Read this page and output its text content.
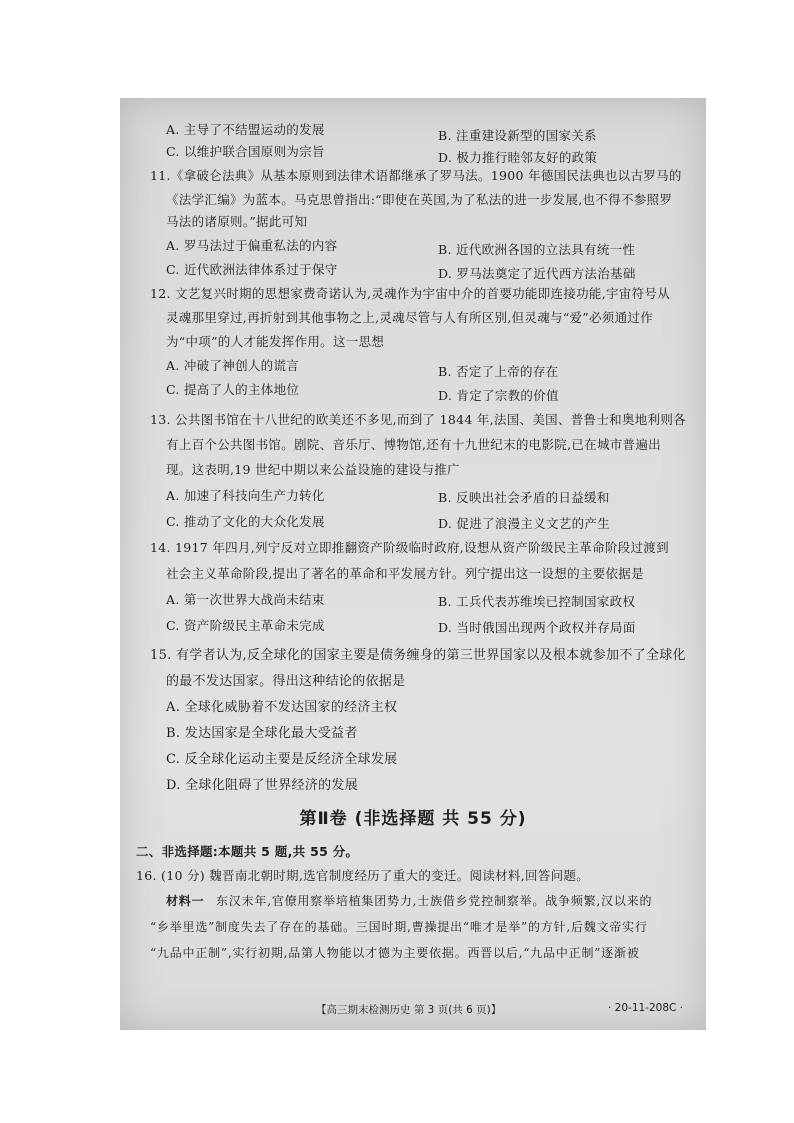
A. 主导了不结盟运动的发展	B. 注重建设新型的国家关系
C. 以维护联合国原则为宗旨	D. 极力推行睦邻友好的政策
11.《拿破仑法典》从基本原则到法律术语都继承了罗马法。1900 年德国民法典也以古罗马的
《法学汇编》为蓝本。马克思曾指出:“即使在英国,为了私法的进一步发展,也不得不参照罗
马法的诸原则。”据此可知
A. 罗马法过于偏重私法的内容	B. 近代欧洲各国的立法具有统一性
C. 近代欧洲法律体系过于保守	D. 罗马法奠定了近代西方法治基础
12. 文艺复兴时期的思想家费奇诺认为,灵魂作为宇宙中介的首要功能即连接功能,宇宙符号从
灵魂那里穿过,再折射到其他事物之上,灵魂尽管与人有所区别,但灵魂与“爱”必须通过作
为“中项”的人才能发挥作用。这一思想
A. 冲破了神创人的谎言	B. 否定了上帝的存在
C. 提高了人的主体地位	D. 肯定了宗教的价值
13. 公共图书馆在十八世纪的欧美还不多见,而到了 1844 年,法国、美国、普鲁士和奥地利则各
有上百个公共图书馆。剧院、音乐厅、博物馆,还有十九世纪末的电影院,已在城市普遍出
现。这表明,19 世纪中期以来公益设施的建设与推广
A. 加速了科技向生产力转化	B. 反映出社会矛盾的日益缓和
C. 推动了文化的大众化发展	D. 促进了浪漫主义文艺的产生
14. 1917 年四月,列宁反对立即推翻资产阶级临时政府,设想从资产阶级民主革命阶段过渡到
社会主义革命阶段,提出了著名的革命和平发展方针。列宁提出这一设想的主要依据是
A. 第一次世界大战尚未结束	B. 工兵代表苏维埃已控制国家政权
C. 资产阶级民主革命未完成	D. 当时俄国出现两个政权并存局面
15. 有学者认为,反全球化的国家主要是债务缠身的第三世界国家以及根本就参加不了全球化
的最不发达国家。得出这种结论的依据是
A. 全球化威胁着不发达国家的经济主权
B. 发达国家是全球化最大受益者
C. 反全球化运动主要是反经济全球发展
D. 全球化阻碍了世界经济的发展
第Ⅱ卷 (非选择题 共 55 分)
二、非选择题:本题共 5 题,共 55 分。
16. (10 分) 魏晋南北朝时期,选官制度经历了重大的变迁。阅读材料,回答问题。
材料一 东汉末年,官僚用察举培植集团势力,士族借乡党控制察举。战争频繁,汉以来的
“乡举里选”制度失去了存在的基础。三国时期,曹操提出“唯才是举”的方针,后魏文帝实行
“九品中正制”,实行初期,品第人物能以才德为主要依据。西晋以后,“九品中正制”逐渐被
【高三期末检测历史 第 3 页(共 6 页)】	· 20-11-208C ·
